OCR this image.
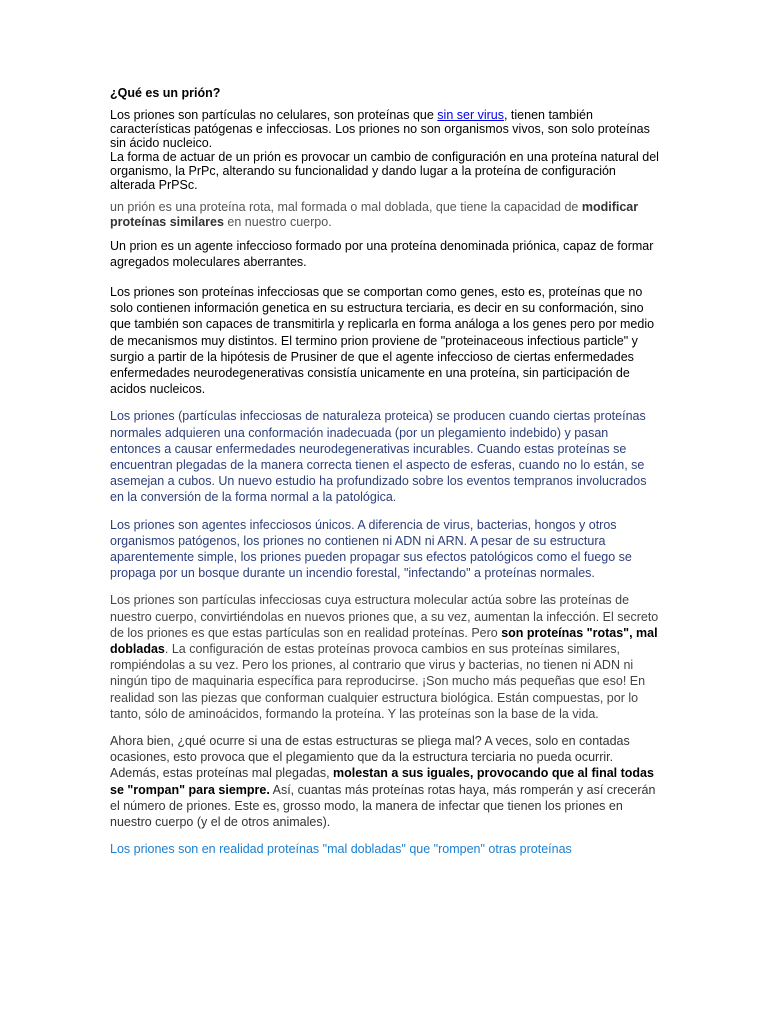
¿Qué es un prión?

Los priones son partículas no celulares, son proteínas que sin ser virus, tienen también características patógenas e infecciosas. Los priones no son organismos vivos, son solo proteínas sin ácido nucleico.

La forma de actuar de un prión es provocar un cambio de configuración en una proteína natural del organismo, la PrPc, alterando su funcionalidad y dando lugar a la proteína de configuración alterada PrPSc.

un prión es una proteína rota, mal formada o mal doblada, que tiene la capacidad de modificar proteínas similares en nuestro cuerpo.

Un prion es un agente infeccioso formado por una proteína denominada priónica, capaz de formar agregados moleculares aberrantes.

Los priones son proteínas infecciosas que se comportan como genes, esto es, proteínas que no solo contienen información genetica en su estructura terciaria, es decir en su conformación, sino que también son capaces de transmitirla y replicarla en forma análoga a los genes pero por medio de mecanismos muy distintos. El termino prion proviene de "proteinaceous infectious particle" y surgio a partir de la hipótesis de Prusiner de que el agente infeccioso de ciertas enfermedades enfermedades neurodegenerativas consistía unicamente en una proteína, sin participación de acidos nucleicos.

Los priones (partículas infecciosas de naturaleza proteica) se producen cuando ciertas proteínas normales adquieren una conformación inadecuada (por un plegamiento indebido) y pasan entonces a causar enfermedades neurodegenerativas incurables. Cuando estas proteínas se encuentran plegadas de la manera correcta tienen el aspecto de esferas, cuando no lo están, se asemejan a cubos. Un nuevo estudio ha profundizado sobre los eventos tempranos involucrados en la conversión de la forma normal a la patológica.

Los priones son agentes infecciosos únicos. A diferencia de virus, bacterias, hongos y otros organismos patógenos, los priones no contienen ni ADN ni ARN. A pesar de su estructura aparentemente simple, los priones pueden propagar sus efectos patológicos como el fuego se propaga por un bosque durante un incendio forestal, "infectando" a proteínas normales.

Los priones son partículas infecciosas cuya estructura molecular actúa sobre las proteínas de nuestro cuerpo, convirtiéndolas en nuevos priones que, a su vez, aumentan la infección. El secreto de los priones es que estas partículas son en realidad proteínas. Pero son proteínas "rotas", mal dobladas. La configuración de estas proteínas provoca cambios en sus proteínas similares, rompiéndolas a su vez. Pero los priones, al contrario que virus y bacterias, no tienen ni ADN ni ningún tipo de maquinaria específica para reproducirse. ¡Son mucho más pequeñas que eso! En realidad son las piezas que conforman cualquier estructura biológica. Están compuestas, por lo tanto, sólo de aminoácidos, formando la proteína. Y las proteínas son la base de la vida.

Ahora bien, ¿qué ocurre si una de estas estructuras se pliega mal? A veces, solo en contadas ocasiones, esto provoca que el plegamiento que da la estructura terciaria no pueda ocurrir. Además, estas proteínas mal plegadas, molestan a sus iguales, provocando que al final todas se "rompan" para siempre. Así, cuantas más proteínas rotas haya, más romperán y así crecerán el número de priones. Este es, grosso modo, la manera de infectar que tienen los priones en nuestro cuerpo (y el de otros animales).

Los priones son en realidad proteínas "mal dobladas" que "rompen" otras proteínas
